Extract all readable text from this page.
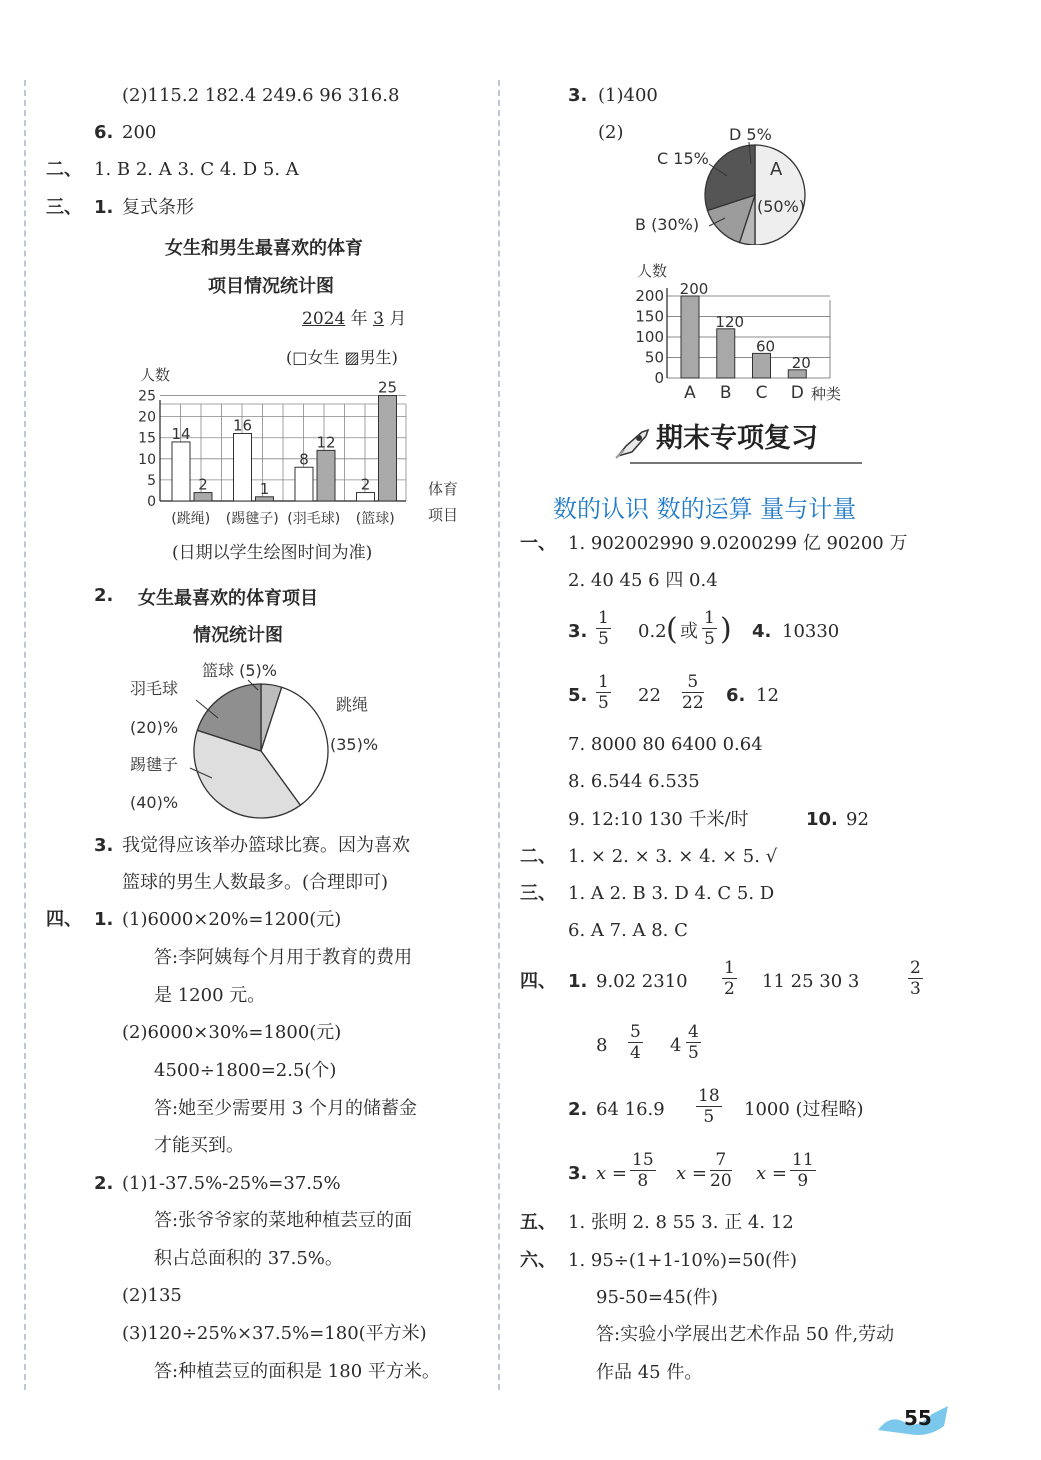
(2)115.2 182.4 249.6 96 316.8
6. 200
二、 1. B 2. A 3. C 4. D 5. A
三、 1. 复式条形
女生和男生最喜欢的体育
项目情况统计图
2024 年 3 月
(□女生 ▨男生)
人数
0
5
10
15
20
25
14
2
(跳绳)
16
1
(踢毽子)
8
12
(羽毛球)
2
25
(篮球)
体育
项目
(日期以学生绘图时间为准)
2. 女生最喜欢的体育项目
情况统计图
篮球 (5)%
跳绳
(35)%
羽毛球
(20)%
踢毽子
(40)%
3. 我觉得应该举办篮球比赛。因为喜欢
篮球的男生人数最多。(合理即可)
四、 1. (1)6000×20%=1200(元)
答:李阿姨每个月用于教育的费用
是 1200 元。
(2)6000×30%=1800(元)
4500÷1800=2.5(个)
答:她至少需要用 3 个月的储蓄金
才能买到。
2. (1)1-37.5%-25%=37.5%
答:张爷爷家的菜地种植芸豆的面
积占总面积的 37.5%。
(2)135
(3)120÷25%×37.5%=180(平方米)
答:种植芸豆的面积是 180 平方米。
3. (1)400
(2)
A
(50%)
D 5%
C 15%
B (30%)
人数
0
50
100
150
200 200
A
120
B
60
C
20
D 种类
期末专项复习
数的认识 数的运算 量与计量
一、 1. 902002990 9.0200299 亿 90200 万
2. 40 45 6 四 0.4
3. $\frac{1}{5} 0.2$ ( 或 $\frac{1}{5}$ ) 4. 10330
5. $\frac{1}{5} 22 \frac{5}{22} 6$. 12
7. 8000 80 6400 0.64
8. 6.544 6.535
9. 12:10 130 千米/时	10. 92
二、 1. × 2. × 3. × 4. × 5. √
三、 1. A 2. B 3. D 4. C 5. D
6. A 7. A 8. C
四、 1. 9.02 $2310 \frac{1}{2} 11$ 25 30 3	$\frac{2}{3}$
$8 \frac{5}{4} 4 \frac{4}{5}$
2. 64 $16.9 \frac{18}{5} 1000$ (过程略)
3. $x = \frac{15}{8}$ $x = \frac{7}{20}$ $x = \frac{11}{9}$
五、 1. 张明 2. 8 55 3. 正 4. 12
六、 1. 95÷(1+1-10%)=50(件)
95-50=45(件)
答:实验小学展出艺术作品 50 件,劳动
作品 45 件。
55
